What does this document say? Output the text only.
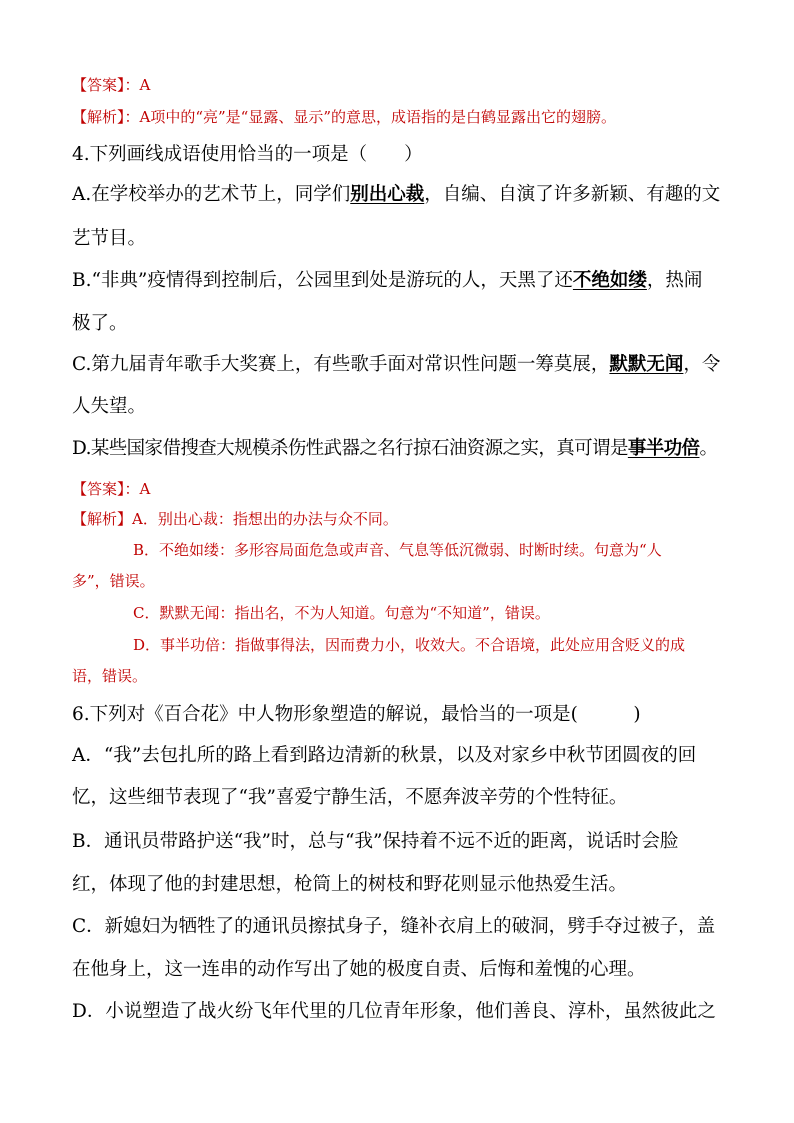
【答案】：A
【解析】：A项中的“亮”是“显露、显示”的意思，成语指的是白鹤显露出它的翅膀。
4.下列画线成语使用恰当的一项是（　　）
A.在学校举办的艺术节上，同学们别出心裁，自编、自演了许多新颖、有趣的文
艺节目。
B.“非典”疫情得到控制后，公园里到处是游玩的人，天黑了还不绝如缕，热闹
极了。
C.第九届青年歌手大奖赛上，有些歌手面对常识性问题一筹莫展，默默无闻，令
人失望。
D.某些国家借搜查大规模杀伤性武器之名行掠石油资源之实，真可谓是事半功倍。
【答案】：A
【解析】A．别出心裁：指想出的办法与众不同。
B．不绝如缕：多形容局面危急或声音、气息等低沉微弱、时断时续。句意为“人
多”，错误。
C．默默无闻：指出名，不为人知道。句意为“不知道”，错误。
D．事半功倍：指做事得法，因而费力小，收效大。不合语境，此处应用含贬义的成
语，错误。
6.下列对《百合花》中人物形象塑造的解说，最恰当的一项是(　　　)
A．“我”去包扎所的路上看到路边清新的秋景，以及对家乡中秋节团圆夜的回
忆，这些细节表现了“我”喜爱宁静生活，不愿奔波辛劳的个性特征。
B．通讯员带路护送“我”时，总与“我”保持着不远不近的距离，说话时会脸
红，体现了他的封建思想，枪筒上的树枝和野花则显示他热爱生活。
C．新媳妇为牺牲了的通讯员擦拭身子，缝补衣肩上的破洞，劈手夺过被子，盖
在他身上，这一连串的动作写出了她的极度自责、后悔和羞愧的心理。
D．小说塑造了战火纷飞年代里的几位青年形象，他们善良、淳朴，虽然彼此之
